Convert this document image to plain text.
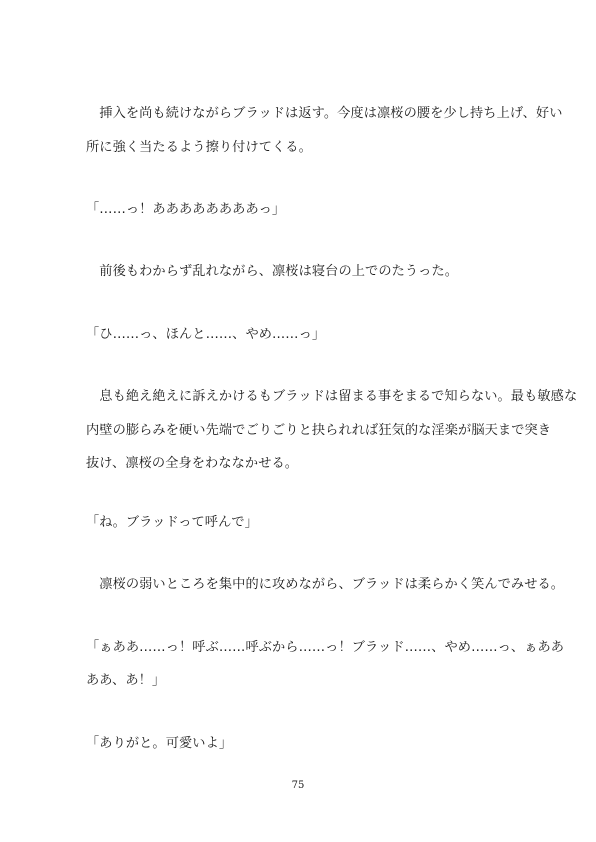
　挿入を尚も続けながらブラッドは返す。今度は凛桜の腰を少し持ち上げ、好い
所に強く当たるよう擦り付けてくる。
「……っ！ああああああああっ」
　前後もわからず乱れながら、凛桜は寝台の上でのたうった。
「ひ……っ、ほんと……、やめ……っ」
　息も絶え絶えに訴えかけるもブラッドは留まる事をまるで知らない。最も敏感な
内壁の膨らみを硬い先端でごりごりと抉られれば狂気的な淫楽が脳天まで突き
抜け、凛桜の全身をわななかせる。
「ね。ブラッドって呼んで」
　凛桜の弱いところを集中的に攻めながら、ブラッドは柔らかく笑んでみせる。
「ぁああ……っ！呼ぶ……呼ぶから……っ！ブラッド……、やめ……っ、ぁああ
ああ、あ！」
「ありがと。可愛いよ」
75
